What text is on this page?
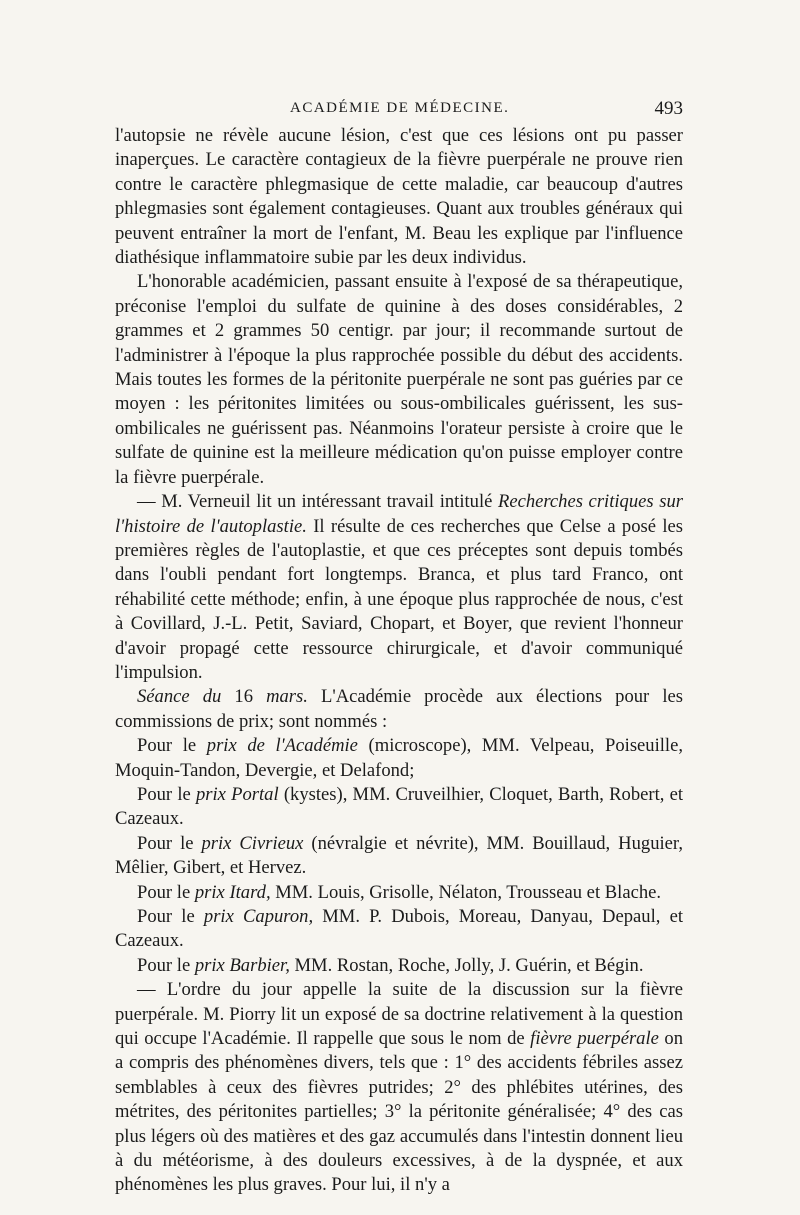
ACADÉMIE DE MÉDECINE.	493

l'autopsie ne révèle aucune lésion, c'est que ces lésions ont pu passer inaperçues. Le caractère contagieux de la fièvre puerpérale ne prouve rien contre le caractère phlegmasique de cette maladie, car beaucoup d'autres phlegmasies sont également contagieuses. Quant aux troubles généraux qui peuvent entraîner la mort de l'enfant, M. Beau les explique par l'influence diathésique inflammatoire subie par les deux individus.

L'honorable académicien, passant ensuite à l'exposé de sa thérapeutique, préconise l'emploi du sulfate de quinine à des doses considérables, 2 grammes et 2 grammes 50 centigr. par jour; il recommande surtout de l'administrer à l'époque la plus rapprochée possible du début des accidents. Mais toutes les formes de la péritonite puerpérale ne sont pas guéries par ce moyen : les péritonites limitées ou sous-ombilicales guérissent, les sus-ombilicales ne guérissent pas. Néanmoins l'orateur persiste à croire que le sulfate de quinine est la meilleure médication qu'on puisse employer contre la fièvre puerpérale.

— M. Verneuil lit un intéressant travail intitulé Recherches critiques sur l'histoire de l'autoplastie. Il résulte de ces recherches que Celse a posé les premières règles de l'autoplastie, et que ces préceptes sont depuis tombés dans l'oubli pendant fort longtemps. Branca, et plus tard Franco, ont réhabilité cette méthode; enfin, à une époque plus rapprochée de nous, c'est à Covillard, J.-L. Petit, Saviard, Chopart, et Boyer, que revient l'honneur d'avoir propagé cette ressource chirurgicale, et d'avoir communiqué l'impulsion.

Séance du 16 mars. L'Académie procède aux élections pour les commissions de prix; sont nommés :

Pour le prix de l'Académie (microscope), MM. Velpeau, Poiseuille, Moquin-Tandon, Devergie, et Delafond;

Pour le prix Portal (kystes), MM. Cruveilhier, Cloquet, Barth, Robert, et Cazeaux.

Pour le prix Civrieux (névralgie et névrite), MM. Bouillaud, Huguier, Mêlier, Gibert, et Hervez.

Pour le prix Itard, MM. Louis, Grisolle, Nélaton, Trousseau et Blache.

Pour le prix Capuron, MM. P. Dubois, Moreau, Danyau, Depaul, et Cazeaux.

Pour le prix Barbier, MM. Rostan, Roche, Jolly, J. Guérin, et Bégin.

— L'ordre du jour appelle la suite de la discussion sur la fièvre puerpérale. M. Piorry lit un exposé de sa doctrine relativement à la question qui occupe l'Académie. Il rappelle que sous le nom de fièvre puerpérale on a compris des phénomènes divers, tels que : 1° des accidents fébriles assez semblables à ceux des fièvres putrides; 2° des phlébites utérines, des métrites, des péritonites partielles; 3° la péritonite généralisée; 4° des cas plus légers où des matières et des gaz accumulés dans l'intestin donnent lieu à du météorisme, à des douleurs excessives, à de la dyspnée, et aux phénomènes les plus graves. Pour lui, il n'y a
